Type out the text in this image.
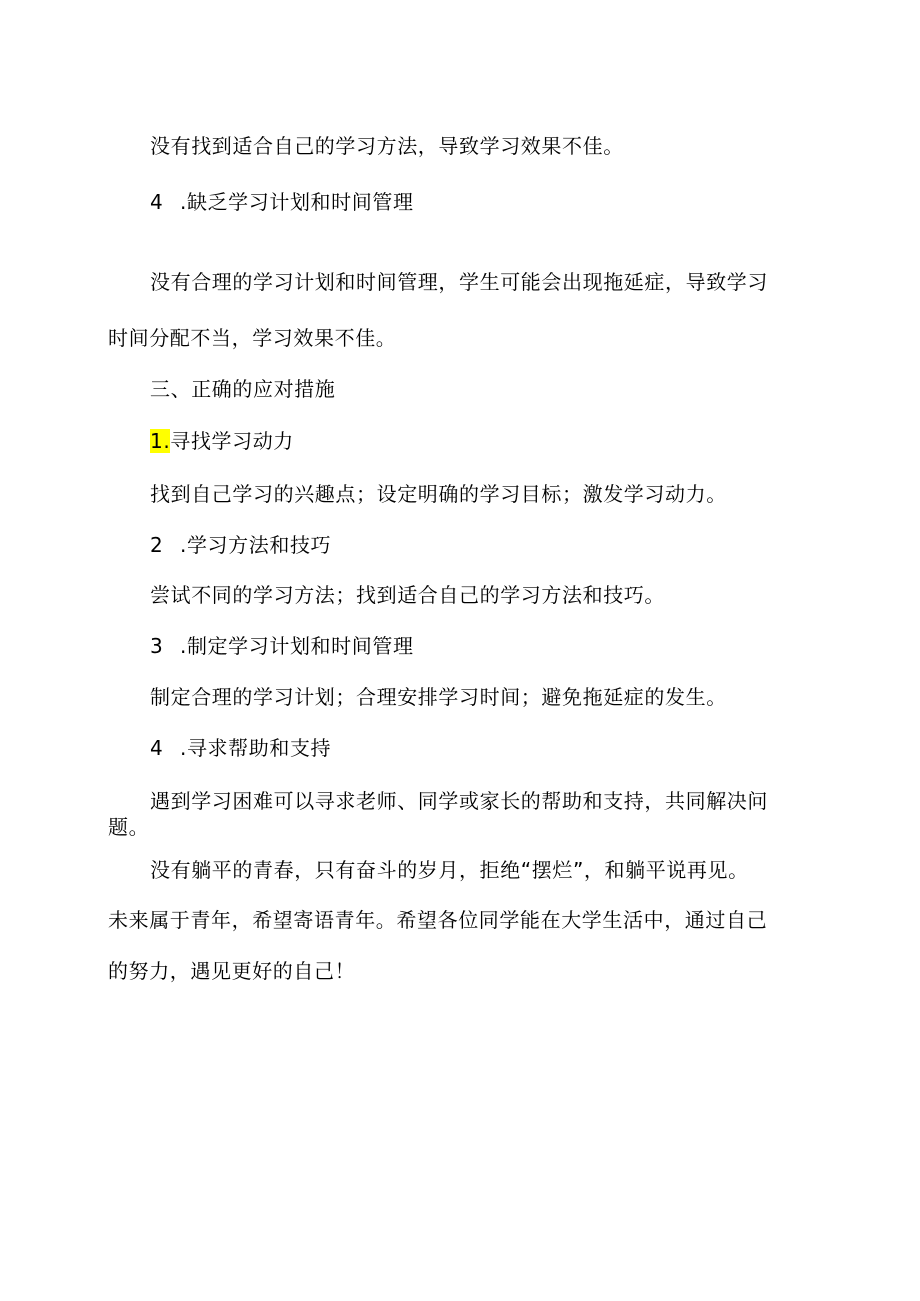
没有找到适合自己的学习方法，导致学习效果不佳。
4 .缺乏学习计划和时间管理
没有合理的学习计划和时间管理，学生可能会出现拖延症，导致学习
时间分配不当，学习效果不佳。
三、正确的应对措施
1.寻找学习动力
找到自己学习的兴趣点；设定明确的学习目标；激发学习动力。
2 .学习方法和技巧
尝试不同的学习方法；找到适合自己的学习方法和技巧。
3 .制定学习计划和时间管理
制定合理的学习计划；合理安排学习时间；避免拖延症的发生。
4 .寻求帮助和支持
遇到学习困难可以寻求老师、同学或家长的帮助和支持，共同解决问
题。
没有躺平的青春，只有奋斗的岁月，拒绝“摆烂”，和躺平说再见。
未来属于青年，希望寄语青年。希望各位同学能在大学生活中，通过自己
的努力，遇见更好的自己！
